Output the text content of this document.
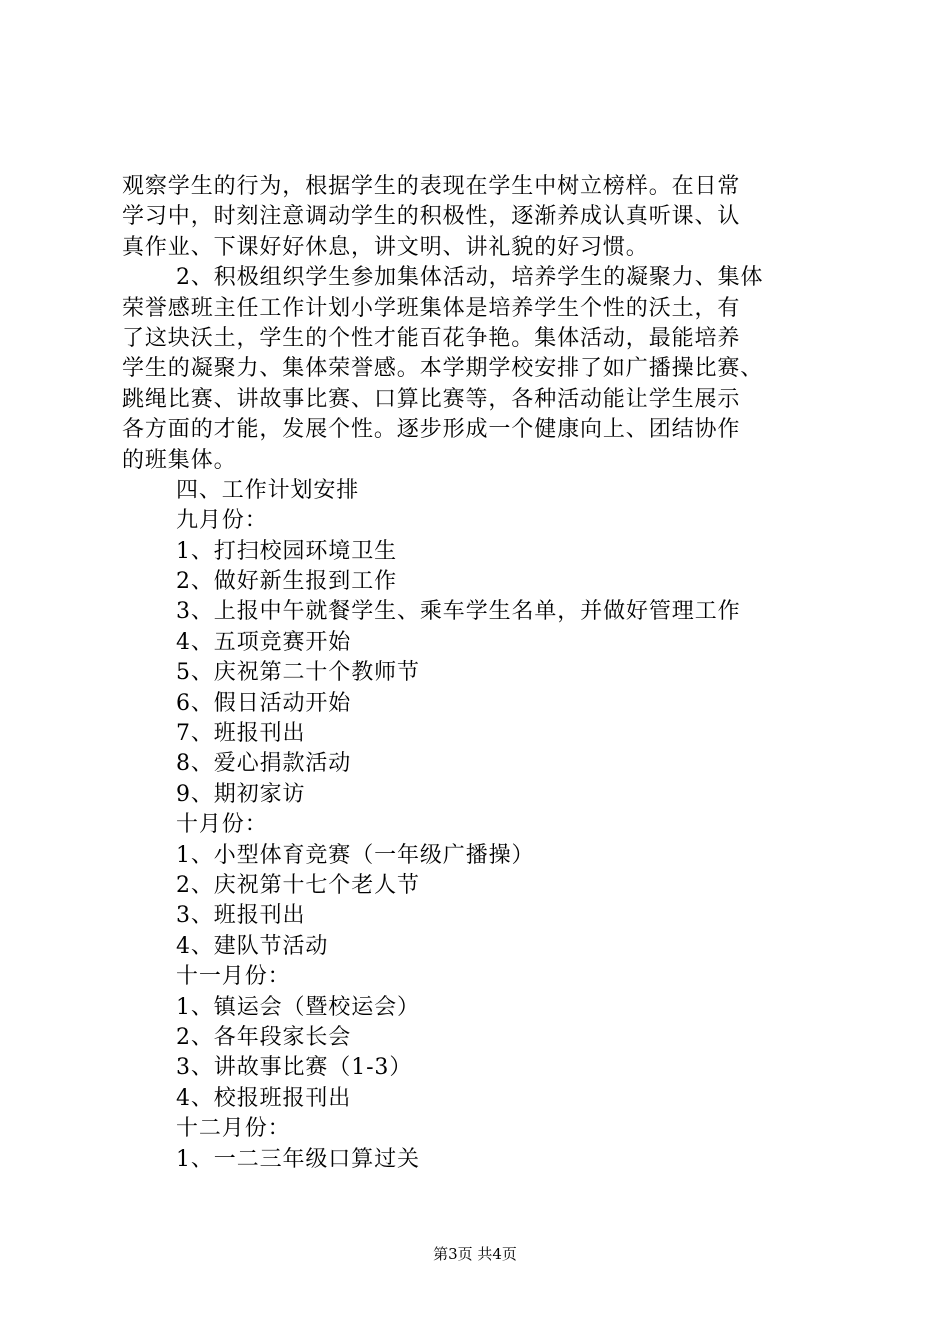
观察学生的行为，根据学生的表现在学生中树立榜样。在日常
学习中，时刻注意调动学生的积极性，逐渐养成认真听课、认
真作业、下课好好休息，讲文明、讲礼貌的好习惯。
2、积极组织学生参加集体活动，培养学生的凝聚力、集体
荣誉感班主任工作计划小学班集体是培养学生个性的沃土，有
了这块沃土，学生的个性才能百花争艳。集体活动，最能培养
学生的凝聚力、集体荣誉感。本学期学校安排了如广播操比赛、
跳绳比赛、讲故事比赛、口算比赛等，各种活动能让学生展示
各方面的才能，发展个性。逐步形成一个健康向上、团结协作
的班集体。
四、工作计划安排
九月份：
1、打扫校园环境卫生
2、做好新生报到工作
3、上报中午就餐学生、乘车学生名单，并做好管理工作
4、五项竞赛开始
5、庆祝第二十个教师节
6、假日活动开始
7、班报刊出
8、爱心捐款活动
9、期初家访
十月份：
1、小型体育竞赛（一年级广播操）
2、庆祝第十七个老人节
3、班报刊出
4、建队节活动
十一月份：
1、镇运会（暨校运会）
2、各年段家长会
3、讲故事比赛（1-3）
4、校报班报刊出
十二月份：
1、一二三年级口算过关
第3页 共4页
